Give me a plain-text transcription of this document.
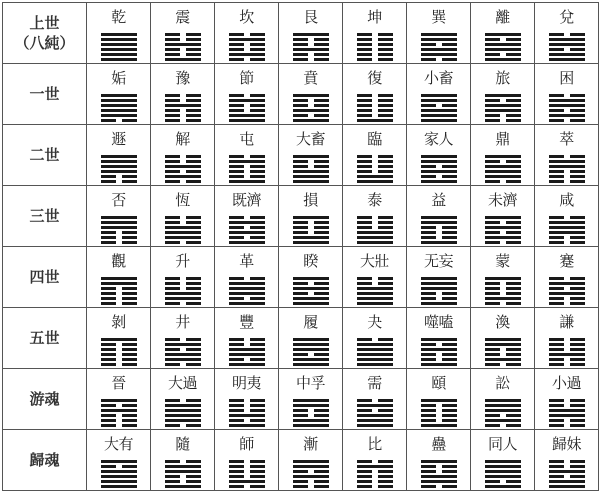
上世
（八純）	乾	震	坎	艮	坤	巽	離	兌

一世	姤	豫	節	賁	復	小畜	旅	困

二世	遯	解	屯	大畜	臨	家人	鼎	萃

三世	否	恆	既濟	損	泰	益	未濟	咸

四世	觀	升	革	睽	大壯	无妄	蒙	蹇

五世	剝	井	豐	履	夬	噬嗑	渙	謙

游魂	晉	大過	明夷	中孚	需	頤	訟	小過

歸魂	大有	隨	師	漸	比	蠱	同人	歸妹
